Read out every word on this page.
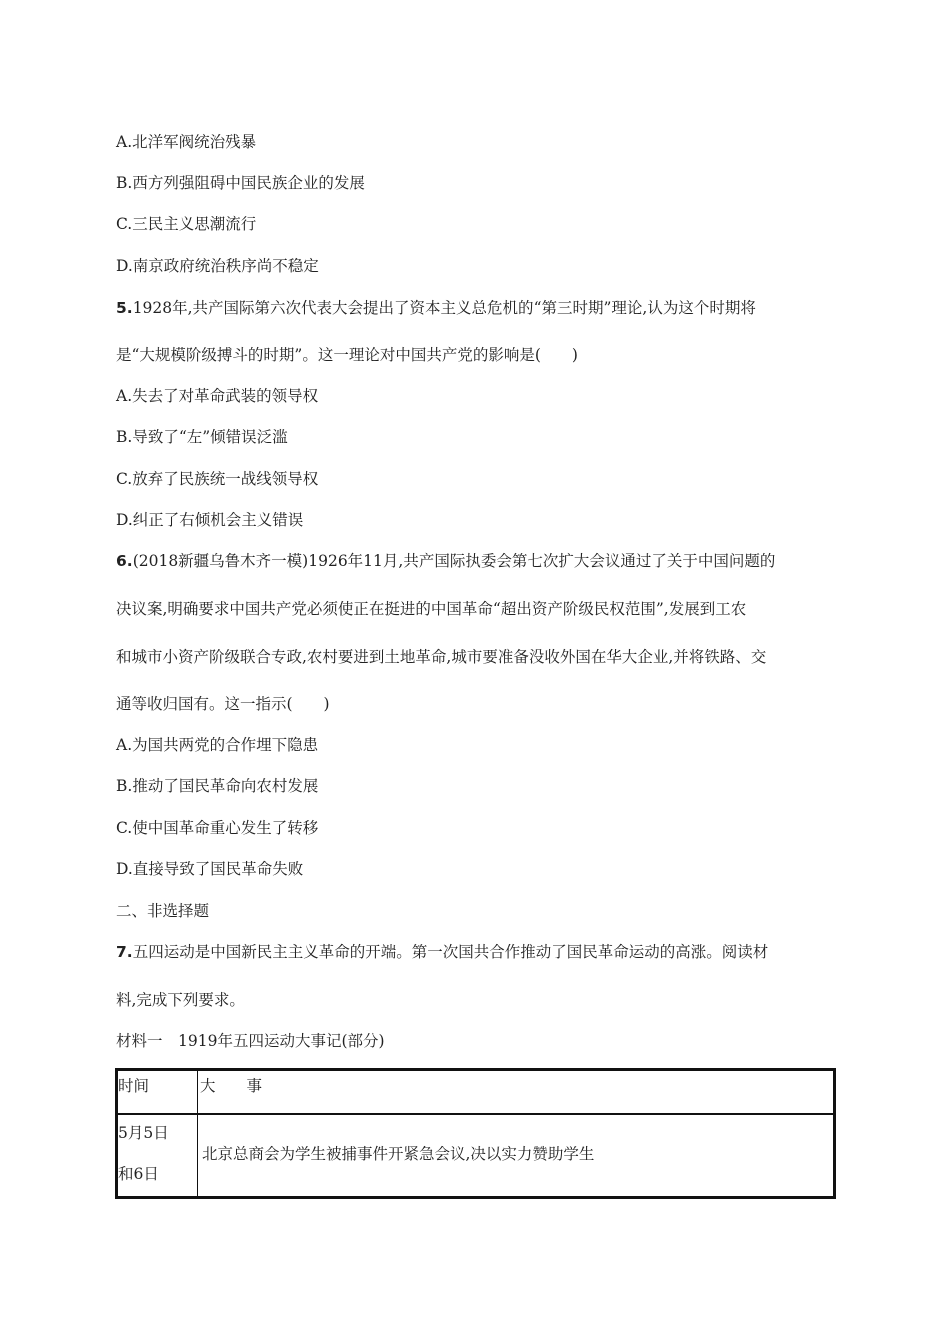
A.北洋军阀统治残暴
B.西方列强阻碍中国民族企业的发展
C.三民主义思潮流行
D.南京政府统治秩序尚不稳定
5.1928年,共产国际第六次代表大会提出了资本主义总危机的“第三时期”理论,认为这个时期将
是“大规模阶级搏斗的时期”。这一理论对中国共产党的影响是(　　)
A.失去了对革命武装的领导权
B.导致了“左”倾错误泛滥
C.放弃了民族统一战线领导权
D.纠正了右倾机会主义错误
6.(2018新疆乌鲁木齐一模)1926年11月,共产国际执委会第七次扩大会议通过了关于中国问题的
决议案,明确要求中国共产党必须使正在挺进的中国革命“超出资产阶级民权范围”,发展到工农
和城市小资产阶级联合专政,农村要进到土地革命,城市要准备没收外国在华大企业,并将铁路、交
通等收归国有。这一指示(　　)
A.为国共两党的合作埋下隐患
B.推动了国民革命向农村发展
C.使中国革命重心发生了转移
D.直接导致了国民革命失败
二、非选择题
7.五四运动是中国新民主主义革命的开端。第一次国共合作推动了国民革命运动的高涨。阅读材
料,完成下列要求。
材料一　1919年五四运动大事记(部分)
时间	大　　事
5月5日
和6日
北京总商会为学生被捕事件开紧急会议,决以实力赞助学生
